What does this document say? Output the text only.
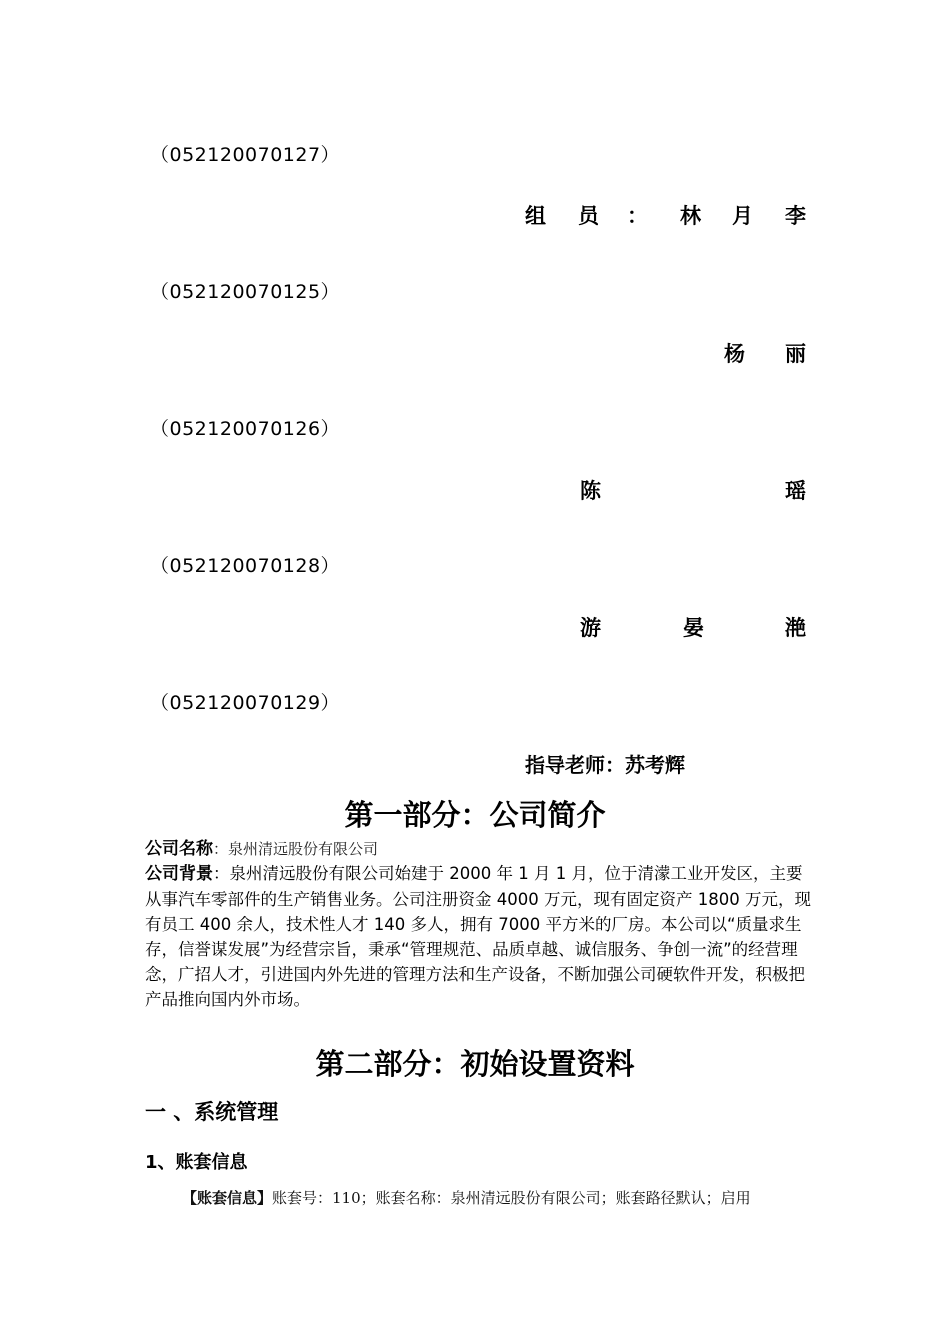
（052120070127）
组 员 ： 林 月 李
（052120070125）
杨 丽
（052120070126）
陈	瑶
（052120070128）
游	晏	滟
（052120070129）
指导老师：苏考辉
第一部分：公司简介
公司名称：泉州清远股份有限公司
公司背景：泉州清远股份有限公司始建于 2000 年 1 月 1 月，位于清濛工业开发区，主要从事汽车零部件的生产销售业务。公司注册资金 4000 万元，现有固定资产 1800 万元，现有员工 400 余人，技术性人才 140 多人，拥有 7000 平方米的厂房。本公司以“质量求生存，信誉谋发展”为经营宗旨，秉承“管理规范、品质卓越、诚信服务、争创一流”的经营理念，广招人才，引进国内外先进的管理方法和生产设备，不断加强公司硬软件开发，积极把产品推向国内外市场。
第二部分：初始设置资料
一 、系统管理
1、账套信息
【账套信息】账套号：110；账套名称：泉州清远股份有限公司；账套路径默认；启用
